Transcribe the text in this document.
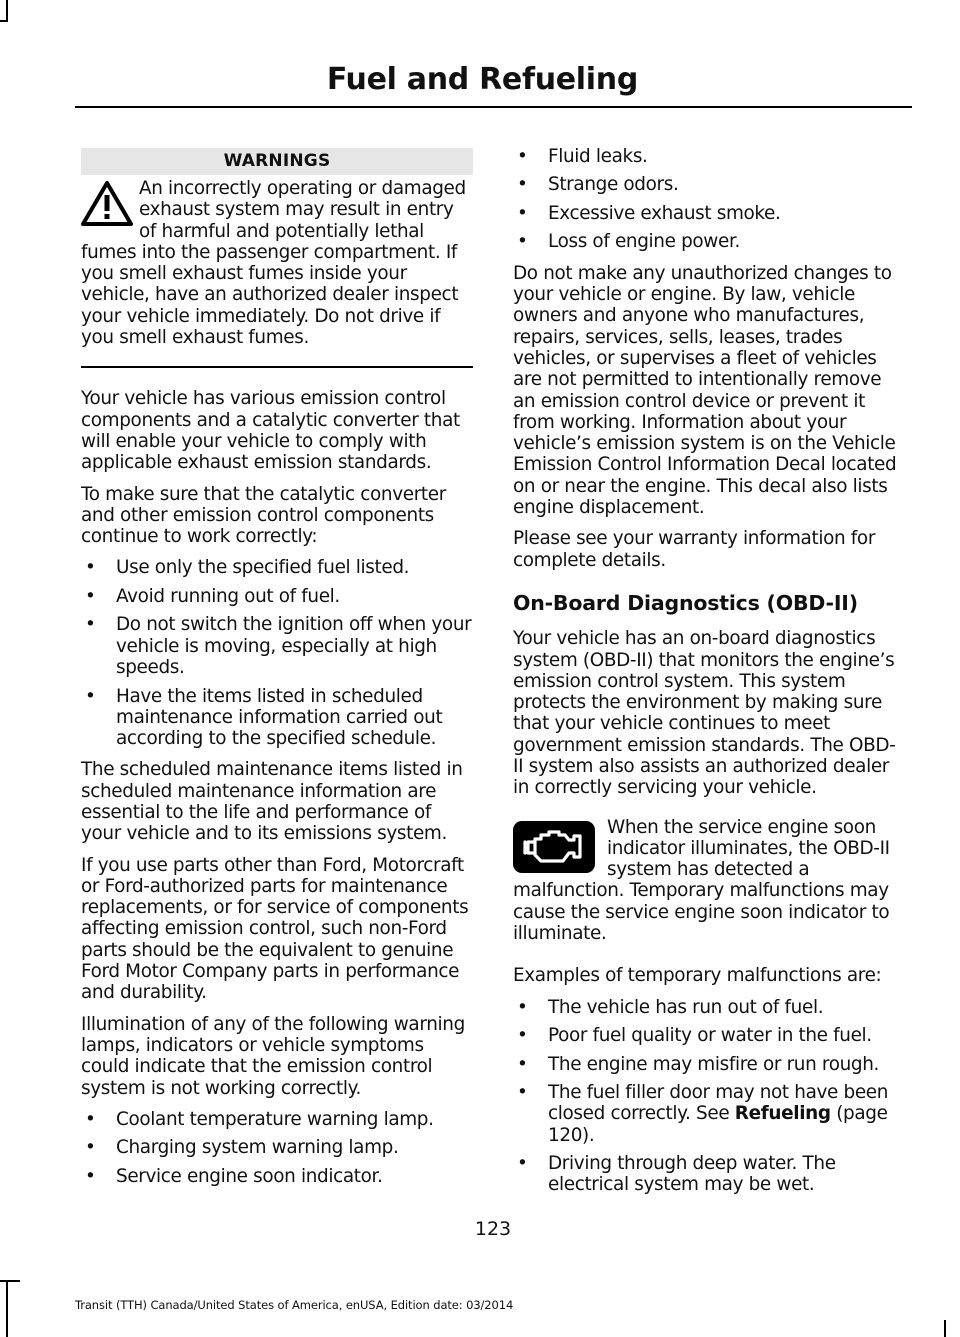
Fuel and Refueling
WARNINGS
An incorrectly operating or damaged exhaust system may result in entry of harmful and potentially lethal fumes into the passenger compartment. If you smell exhaust fumes inside your vehicle, have an authorized dealer inspect your vehicle immediately. Do not drive if you smell exhaust fumes.

Your vehicle has various emission control components and a catalytic converter that will enable your vehicle to comply with applicable exhaust emission standards.

To make sure that the catalytic converter and other emission control components continue to work correctly:

• Use only the specified fuel listed.
• Avoid running out of fuel.
• Do not switch the ignition off when your vehicle is moving, especially at high speeds.
• Have the items listed in scheduled maintenance information carried out according to the specified schedule.

The scheduled maintenance items listed in scheduled maintenance information are essential to the life and performance of your vehicle and to its emissions system.

If you use parts other than Ford, Motorcraft or Ford-authorized parts for maintenance replacements, or for service of components affecting emission control, such non-Ford parts should be the equivalent to genuine Ford Motor Company parts in performance and durability.

Illumination of any of the following warning lamps, indicators or vehicle symptoms could indicate that the emission control system is not working correctly.

• Coolant temperature warning lamp.
• Charging system warning lamp.
• Service engine soon indicator.
• Fluid leaks.
• Strange odors.
• Excessive exhaust smoke.
• Loss of engine power.

Do not make any unauthorized changes to your vehicle or engine. By law, vehicle owners and anyone who manufactures, repairs, services, sells, leases, trades vehicles, or supervises a fleet of vehicles are not permitted to intentionally remove an emission control device or prevent it from working. Information about your vehicle’s emission system is on the Vehicle Emission Control Information Decal located on or near the engine. This decal also lists engine displacement.

Please see your warranty information for complete details.

On-Board Diagnostics (OBD-II)

Your vehicle has an on-board diagnostics system (OBD-II) that monitors the engine’s emission control system. This system protects the environment by making sure that your vehicle continues to meet government emission standards. The OBD-II system also assists an authorized dealer in correctly servicing your vehicle.

When the service engine soon indicator illuminates, the OBD-II system has detected a malfunction. Temporary malfunctions may cause the service engine soon indicator to illuminate.

Examples of temporary malfunctions are:

• The vehicle has run out of fuel.
• Poor fuel quality or water in the fuel.
• The engine may misfire or run rough.
• The fuel filler door may not have been closed correctly. See Refueling (page 120).
• Driving through deep water. The electrical system may be wet.
123
Transit (TTH) Canada/United States of America, enUSA, Edition date: 03/2014
